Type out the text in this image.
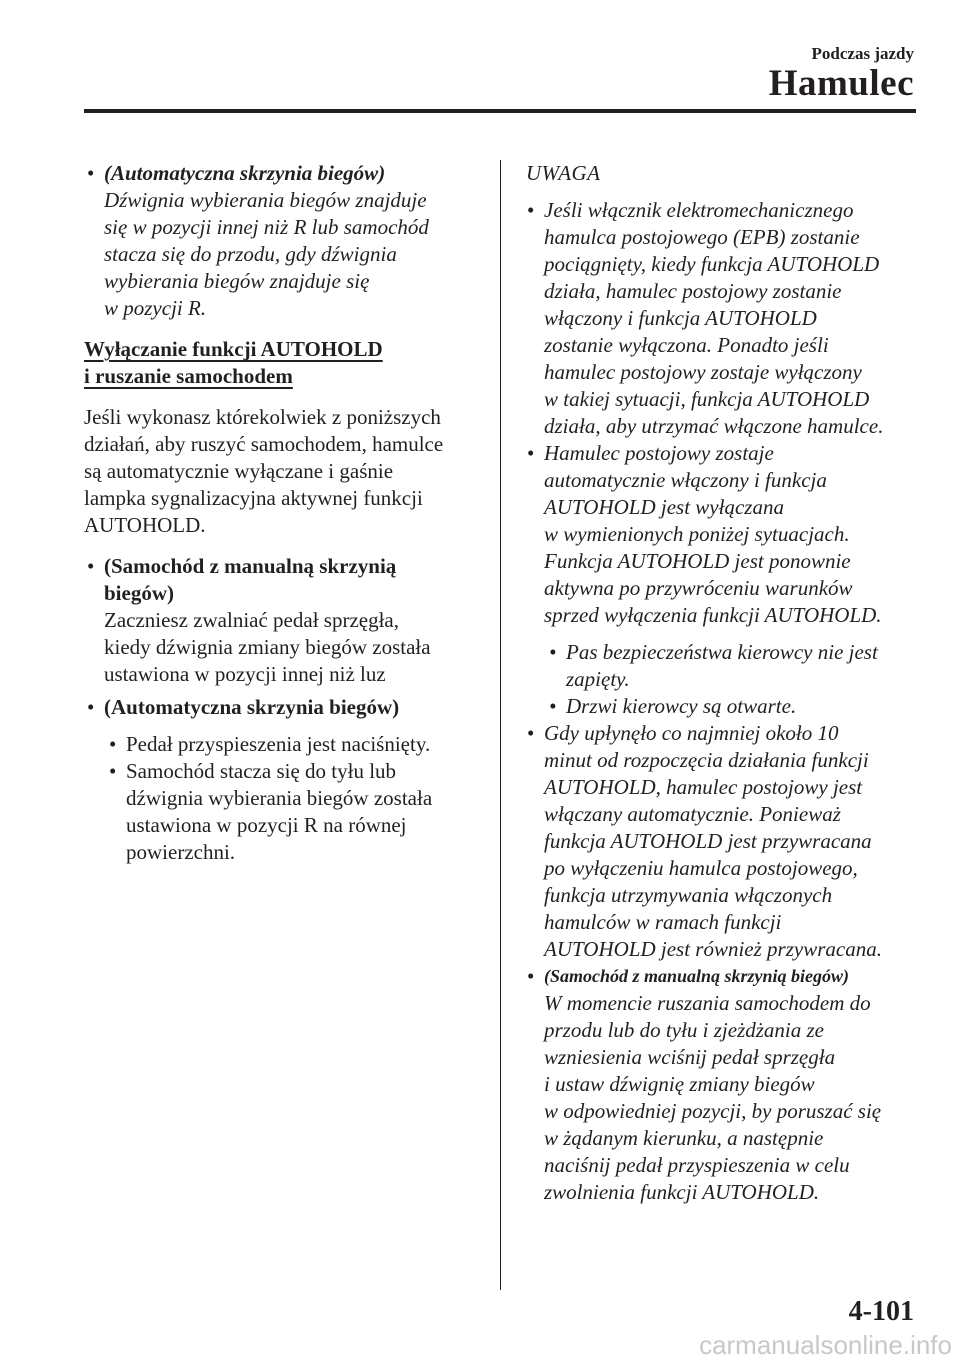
Podczas jazdy
Hamulec
• (Automatyczna skrzynia biegów)

Dźwignia wybierania biegów znajduje

się w pozycji innej niż R lub samochód

stacza się do przodu, gdy dźwignia

wybierania biegów znajduje się

w pozycji R.

Wyłączanie funkcji AUTOHOLD

i ruszanie samochodem

Jeśli wykonasz którekolwiek z poniższych

działań, aby ruszyć samochodem, hamulce

są automatycznie wyłączane i gaśnie

lampka sygnalizacyjna aktywnej funkcji

AUTOHOLD.

• (Samochód z manualną skrzynią

biegów)

Zaczniesz zwalniać pedał sprzęgła,

kiedy dźwignia zmiany biegów została

ustawiona w pozycji innej niż luz

• (Automatyczna skrzynia biegów)

• Pedał przyspieszenia jest naciśnięty.

• Samochód stacza się do tyłu lub

dźwignia wybierania biegów została

ustawiona w pozycji R na równej

powierzchni.

UWAGA

• Jeśli włącznik elektromechanicznego

hamulca postojowego (EPB) zostanie

pociągnięty, kiedy funkcja AUTOHOLD

działa, hamulec postojowy zostanie

włączony i funkcja AUTOHOLD

zostanie wyłączona. Ponadto jeśli

hamulec postojowy zostaje wyłączony

w takiej sytuacji, funkcja AUTOHOLD

działa, aby utrzymać włączone hamulce.

• Hamulec postojowy zostaje

automatycznie włączony i funkcja

AUTOHOLD jest wyłączana

w wymienionych poniżej sytuacjach.

Funkcja AUTOHOLD jest ponownie

aktywna po przywróceniu warunków

sprzed wyłączenia funkcji AUTOHOLD.

• Pas bezpieczeństwa kierowcy nie jest

zapięty.

• Drzwi kierowcy są otwarte.

• Gdy upłynęło co najmniej około 10

minut od rozpoczęcia działania funkcji

AUTOHOLD, hamulec postojowy jest

włączany automatycznie. Ponieważ

funkcja AUTOHOLD jest przywracana

po wyłączeniu hamulca postojowego,

funkcja utrzymywania włączonych

hamulców w ramach funkcji

AUTOHOLD jest również przywracana.

• (Samochód z manualną skrzynią biegów)

W momencie ruszania samochodem do

przodu lub do tyłu i zjeżdżania ze

wzniesienia wciśnij pedał sprzęgła

i ustaw dźwignię zmiany biegów

w odpowiedniej pozycji, by poruszać się

w żądanym kierunku, a następnie

naciśnij pedał przyspieszenia w celu

zwolnienia funkcji AUTOHOLD.

4-101
carmanualsonline.info
